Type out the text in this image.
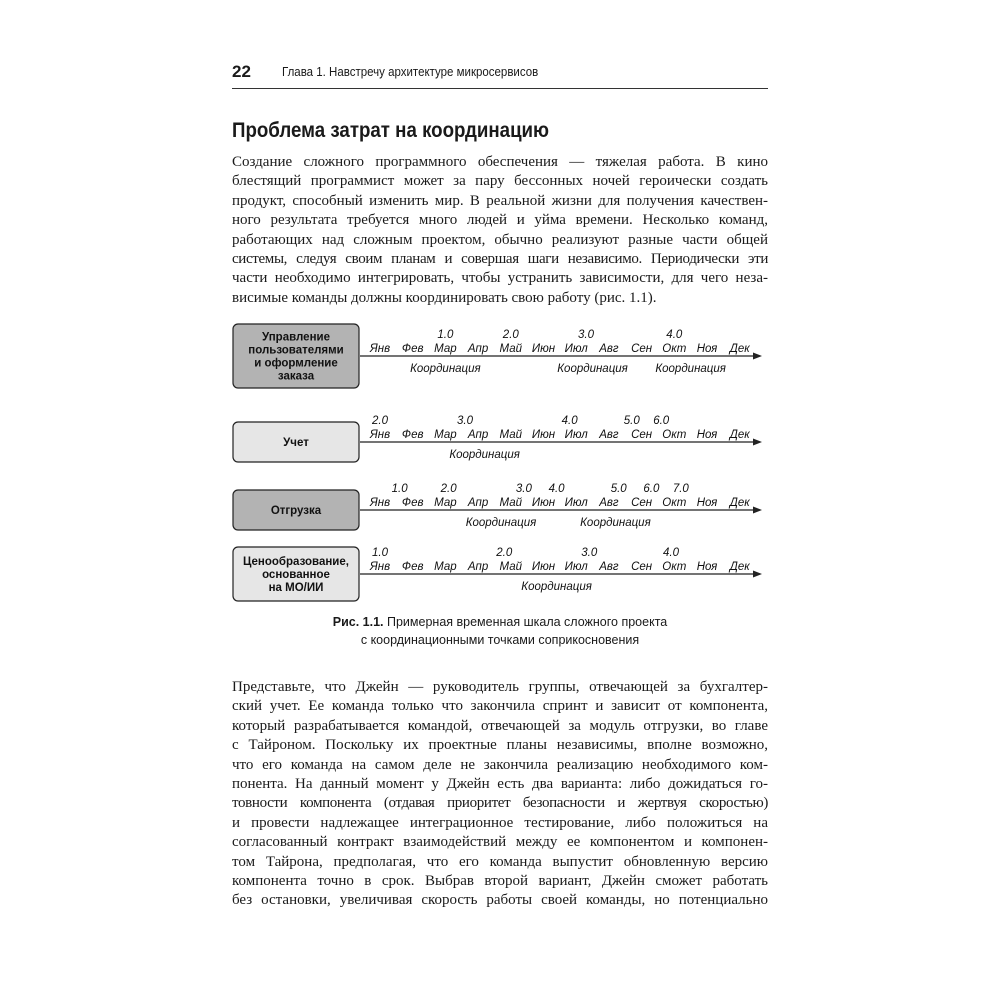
22 Глава 1. Навстречу архитектуре микросервисов
Проблема затрат на координацию

Создание сложного программного обеспечения — тяжелая работа. В кино
блестящий программист может за пару бессонных ночей героически создать
продукт, способный изменить мир. В реальной жизни для получения качествен-
ного результата требуется много людей и уйма времени. Несколько команд,
работающих над сложным проектом, обычно реализуют разные части общей
системы, следуя своим планам и совершая шаги независимо. Периодически эти
части необходимо интегрировать, чтобы устранить зависимости, для чего неза-
висимые команды должны координировать свою работу (рис. 1.1).

Управление
пользователями
и оформление
заказа
Янв Фев Мар Апр Май Июн Июл Авг Сен Окт Ноя Дек
1.0	2.0	3.0	4.0
Координация	Координация Координация
Учет
Янв Фев Мар Апр Май Июн Июл Авг Сен Окт Ноя Дек
2.0	3.0	4.0	5.0 6.0
Координация
Отгрузка
Янв Фев Мар Апр Май Июн Июл Авг Сен Окт Ноя Дек
1.0	2.0	3.0 4.0	5.0 6.0 7.0
Координация	Координация
Ценообразование,
основанное
на МО/ИИ
Янв Фев Мар Апр Май Июн Июл Авг Сен Окт Ноя Дек
1.0	2.0	3.0	4.0
Координация
Рис. 1.1. Примерная временная шкала сложного проекта
с координационными точками соприкосновения

Представьте, что Джейн — руководитель группы, отвечающей за бухгалтер-
ский учет. Ее команда только что закончила спринт и зависит от компонента,
который разрабатывается командой, отвечающей за модуль отгрузки, во главе
с Тайроном. Поскольку их проектные планы независимы, вполне возможно,
что его команда на самом деле не закончила реализацию необходимого ком-
понента. На данный момент у Джейн есть два варианта: либо дожидаться го-
товности компонента (отдавая приоритет безопасности и жертвуя скоростью)
и провести надлежащее интеграционное тестирование, либо положиться на
согласованный контракт взаимодействий между ее компонентом и компонен-
том Тайрона, предполагая, что его команда выпустит обновленную версию
компонента точно в срок. Выбрав второй вариант, Джейн сможет работать
без остановки, увеличивая скорость работы своей команды, но потенциально
